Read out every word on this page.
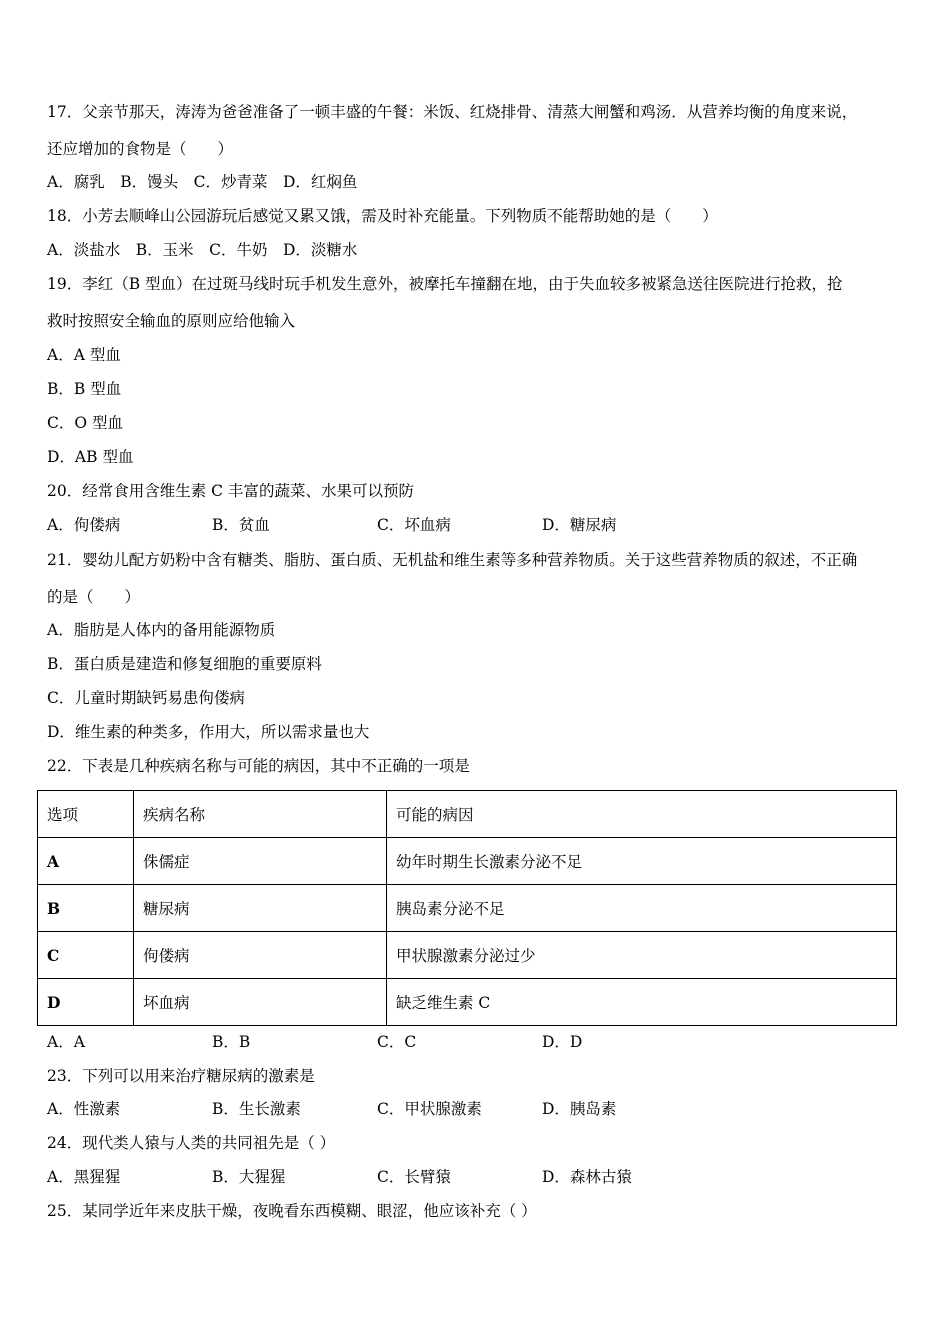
17．父亲节那天，涛涛为爸爸准备了一顿丰盛的午餐：米饭、红烧排骨、清蒸大闸蟹和鸡汤．从营养均衡的角度来说，
还应增加的食物是（　　）
A．腐乳　B．馒头　C．炒青菜　D．红焖鱼
18．小芳去顺峰山公园游玩后感觉又累又饿，需及时补充能量。下列物质不能帮助她的是（　　）
A．淡盐水　B．玉米　C．牛奶　D．淡糖水
19．李红（B 型血）在过斑马线时玩手机发生意外，被摩托车撞翻在地，由于失血较多被紧急送往医院进行抢救，抢
救时按照安全输血的原则应给他输入
A．A 型血
B．B 型血
C．O 型血
D．AB 型血
20．经常食用含维生素 C 丰富的蔬菜、水果可以预防
A．佝偻病	B．贫血	C．坏血病	D．糖尿病
21．婴幼儿配方奶粉中含有糖类、脂肪、蛋白质、无机盐和维生素等多种营养物质。关于这些营养物质的叙述，不正确
的是（　　）
A．脂肪是人体内的备用能源物质
B．蛋白质是建造和修复细胞的重要原料
C．儿童时期缺钙易患佝偻病
D．维生素的种类多，作用大，所以需求量也大
22．下表是几种疾病名称与可能的病因，其中不正确的一项是
选项	疾病名称	可能的病因
A	侏儒症	幼年时期生长激素分泌不足
B	糖尿病	胰岛素分泌不足
C	佝偻病	甲状腺激素分泌过少
D	坏血病	缺乏维生素 C
A．A	B．B	C．C	D．D
23．下列可以用来治疗糖尿病的激素是
A．性激素	B．生长激素	C．甲状腺激素	D．胰岛素
24．现代类人猿与人类的共同祖先是（ ）
A．黑猩猩	B．大猩猩	C．长臂猿	D．森林古猿
25．某同学近年来皮肤干燥，夜晚看东西模糊、眼涩，他应该补充（ ）
